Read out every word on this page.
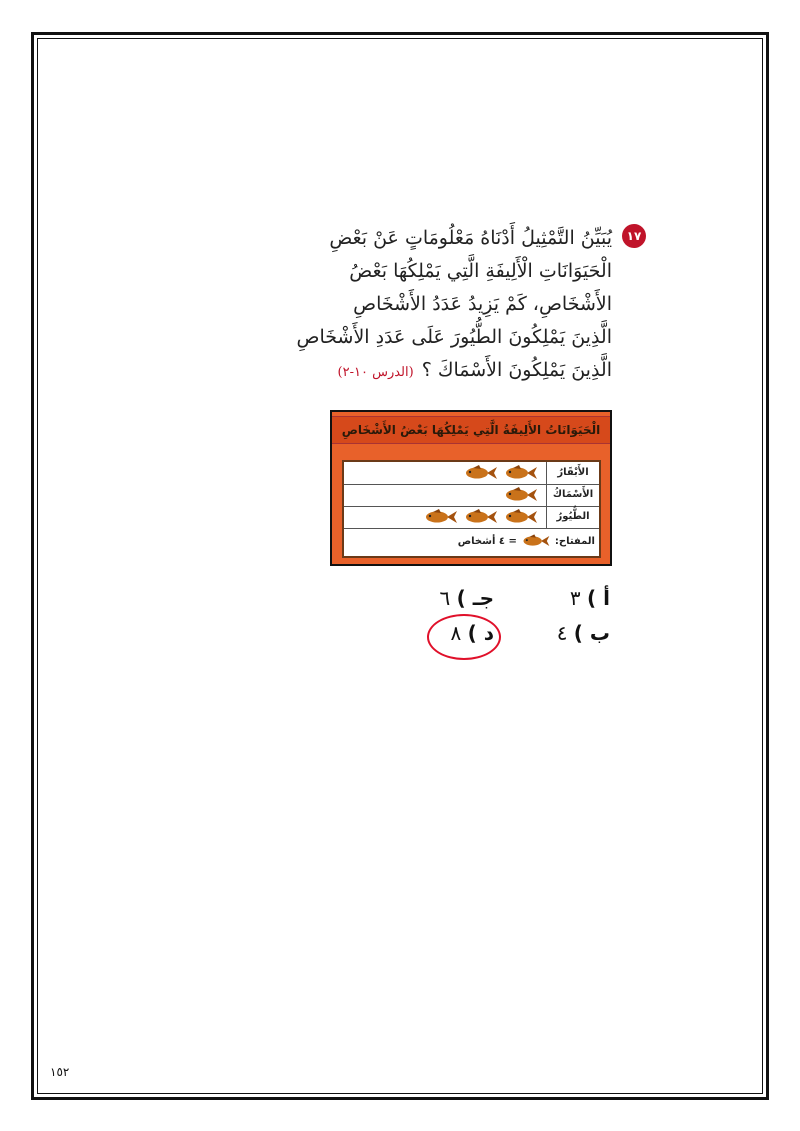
١٧
يُبَيِّنُ التَّمْثِيلُ أَدْنَاهُ مَعْلُومَاتٍ عَنْ بَعْضِ
الْحَيَوَانَاتِ الْأَلِيفَةِ الَّتِي يَمْلِكُهَا بَعْضُ
الأَشْخَاصِ، كَمْ يَزِيدُ عَدَدُ الأَشْخَاصِ
الَّذِينَ يَمْلِكُونَ الطُّيُورَ عَلَى عَدَدِ الأَشْخَاصِ
الَّذِينَ يَمْلِكُونَ الأَسْمَاكَ ؟(الدرس ١٠-٢)
الْحَيَوَانَاتُ الأَلِيفَةُ الَّتِي يَمْلِكُهَا بَعْضُ الأَشْخَاصِ
الأَبْقَارُ
الأَسْمَاكُ
الطُّيُورُ
المفتاح:
= ٤ أشخاص
أ ) ٣
ب ) ٤
جـ ) ٦
د ) ٨
١٥٢
